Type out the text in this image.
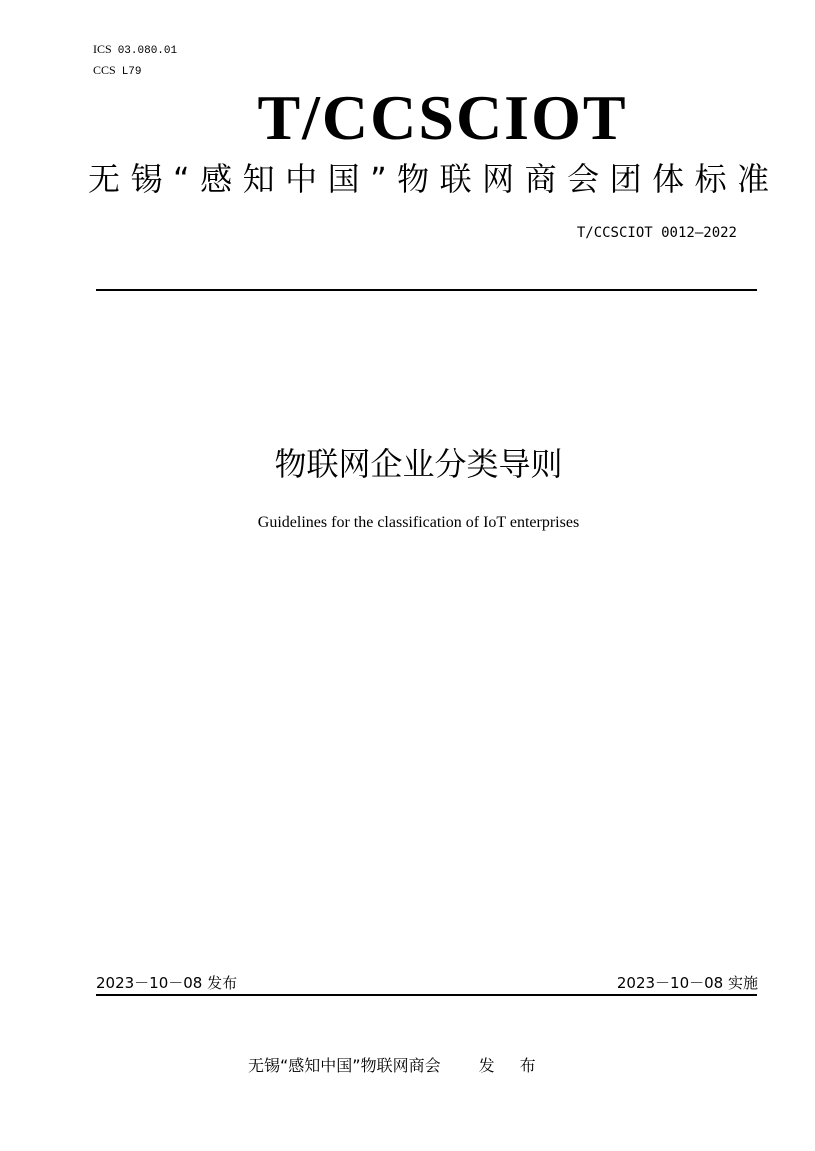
ICS 03.080.01
CCS L79
T/CCSCIOT
无锡“感知中国”物联网商会团体标准
T/CCSCIOT 0012—2022
物联网企业分类导则
Guidelines for the classification of IoT enterprises
2023－10－08 发布	2023－10－08 实施
无锡“感知中国”物联网商会 发 布
